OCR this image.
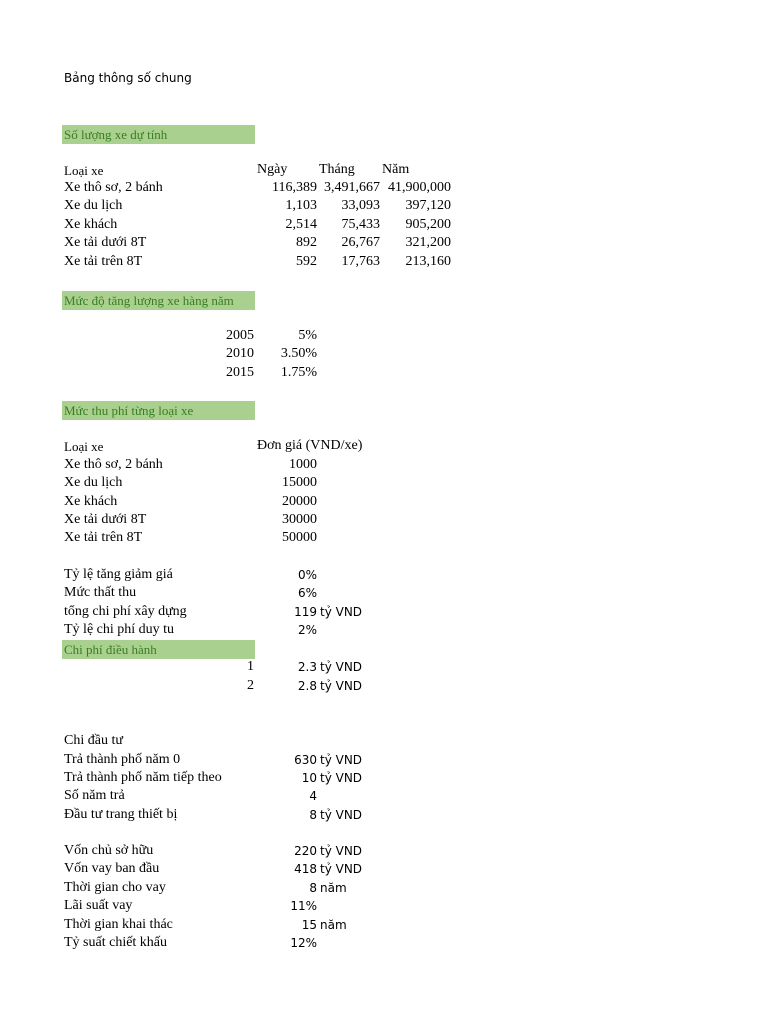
Bảng thông số chung
Số lượng xe dự tính
Loại xe	Ngày Tháng Năm
Xe thô sơ, 2 bánh	116,389 3,491,667 41,900,000
Xe du lịch	1,103	33,093	397,120
Xe khách	2,514	75,433	905,200
Xe tải dưới 8T	892	26,767	321,200
Xe tải trên 8T	592	17,763	213,160
Mức độ tăng lượng xe hàng năm
2005	5%
2010	3.50%
2015	1.75%
Mức thu phí từng loại xe
Loại xe	Đơn giá (VND/xe)
Xe thô sơ, 2 bánh	1000
Xe du lịch	15000
Xe khách	20000
Xe tải dưới 8T	30000
Xe tải trên 8T	50000
Tỷ lệ tăng giảm giá	0%
Mức thất thu	6%
tổng chi phí xây dựng	119 tỷ VND
Tỷ lệ chi phí duy tu	2%
Chi phí điều hành
1	2.3 tỷ VND
2	2.8 tỷ VND
Chi đầu tư
Trả thành phố năm 0	630 tỷ VND
Trả thành phố năm tiếp theo	10 tỷ VND
Số năm trả	4
Đầu tư trang thiết bị	8 tỷ VND
Vốn chủ sở hữu	220 tỷ VND
Vốn vay ban đầu	418 tỷ VND
Thời gian cho vay	8 năm
Lãi suất vay	11%
Thời gian khai thác	15 năm
Tỷ suất chiết khấu	12%
